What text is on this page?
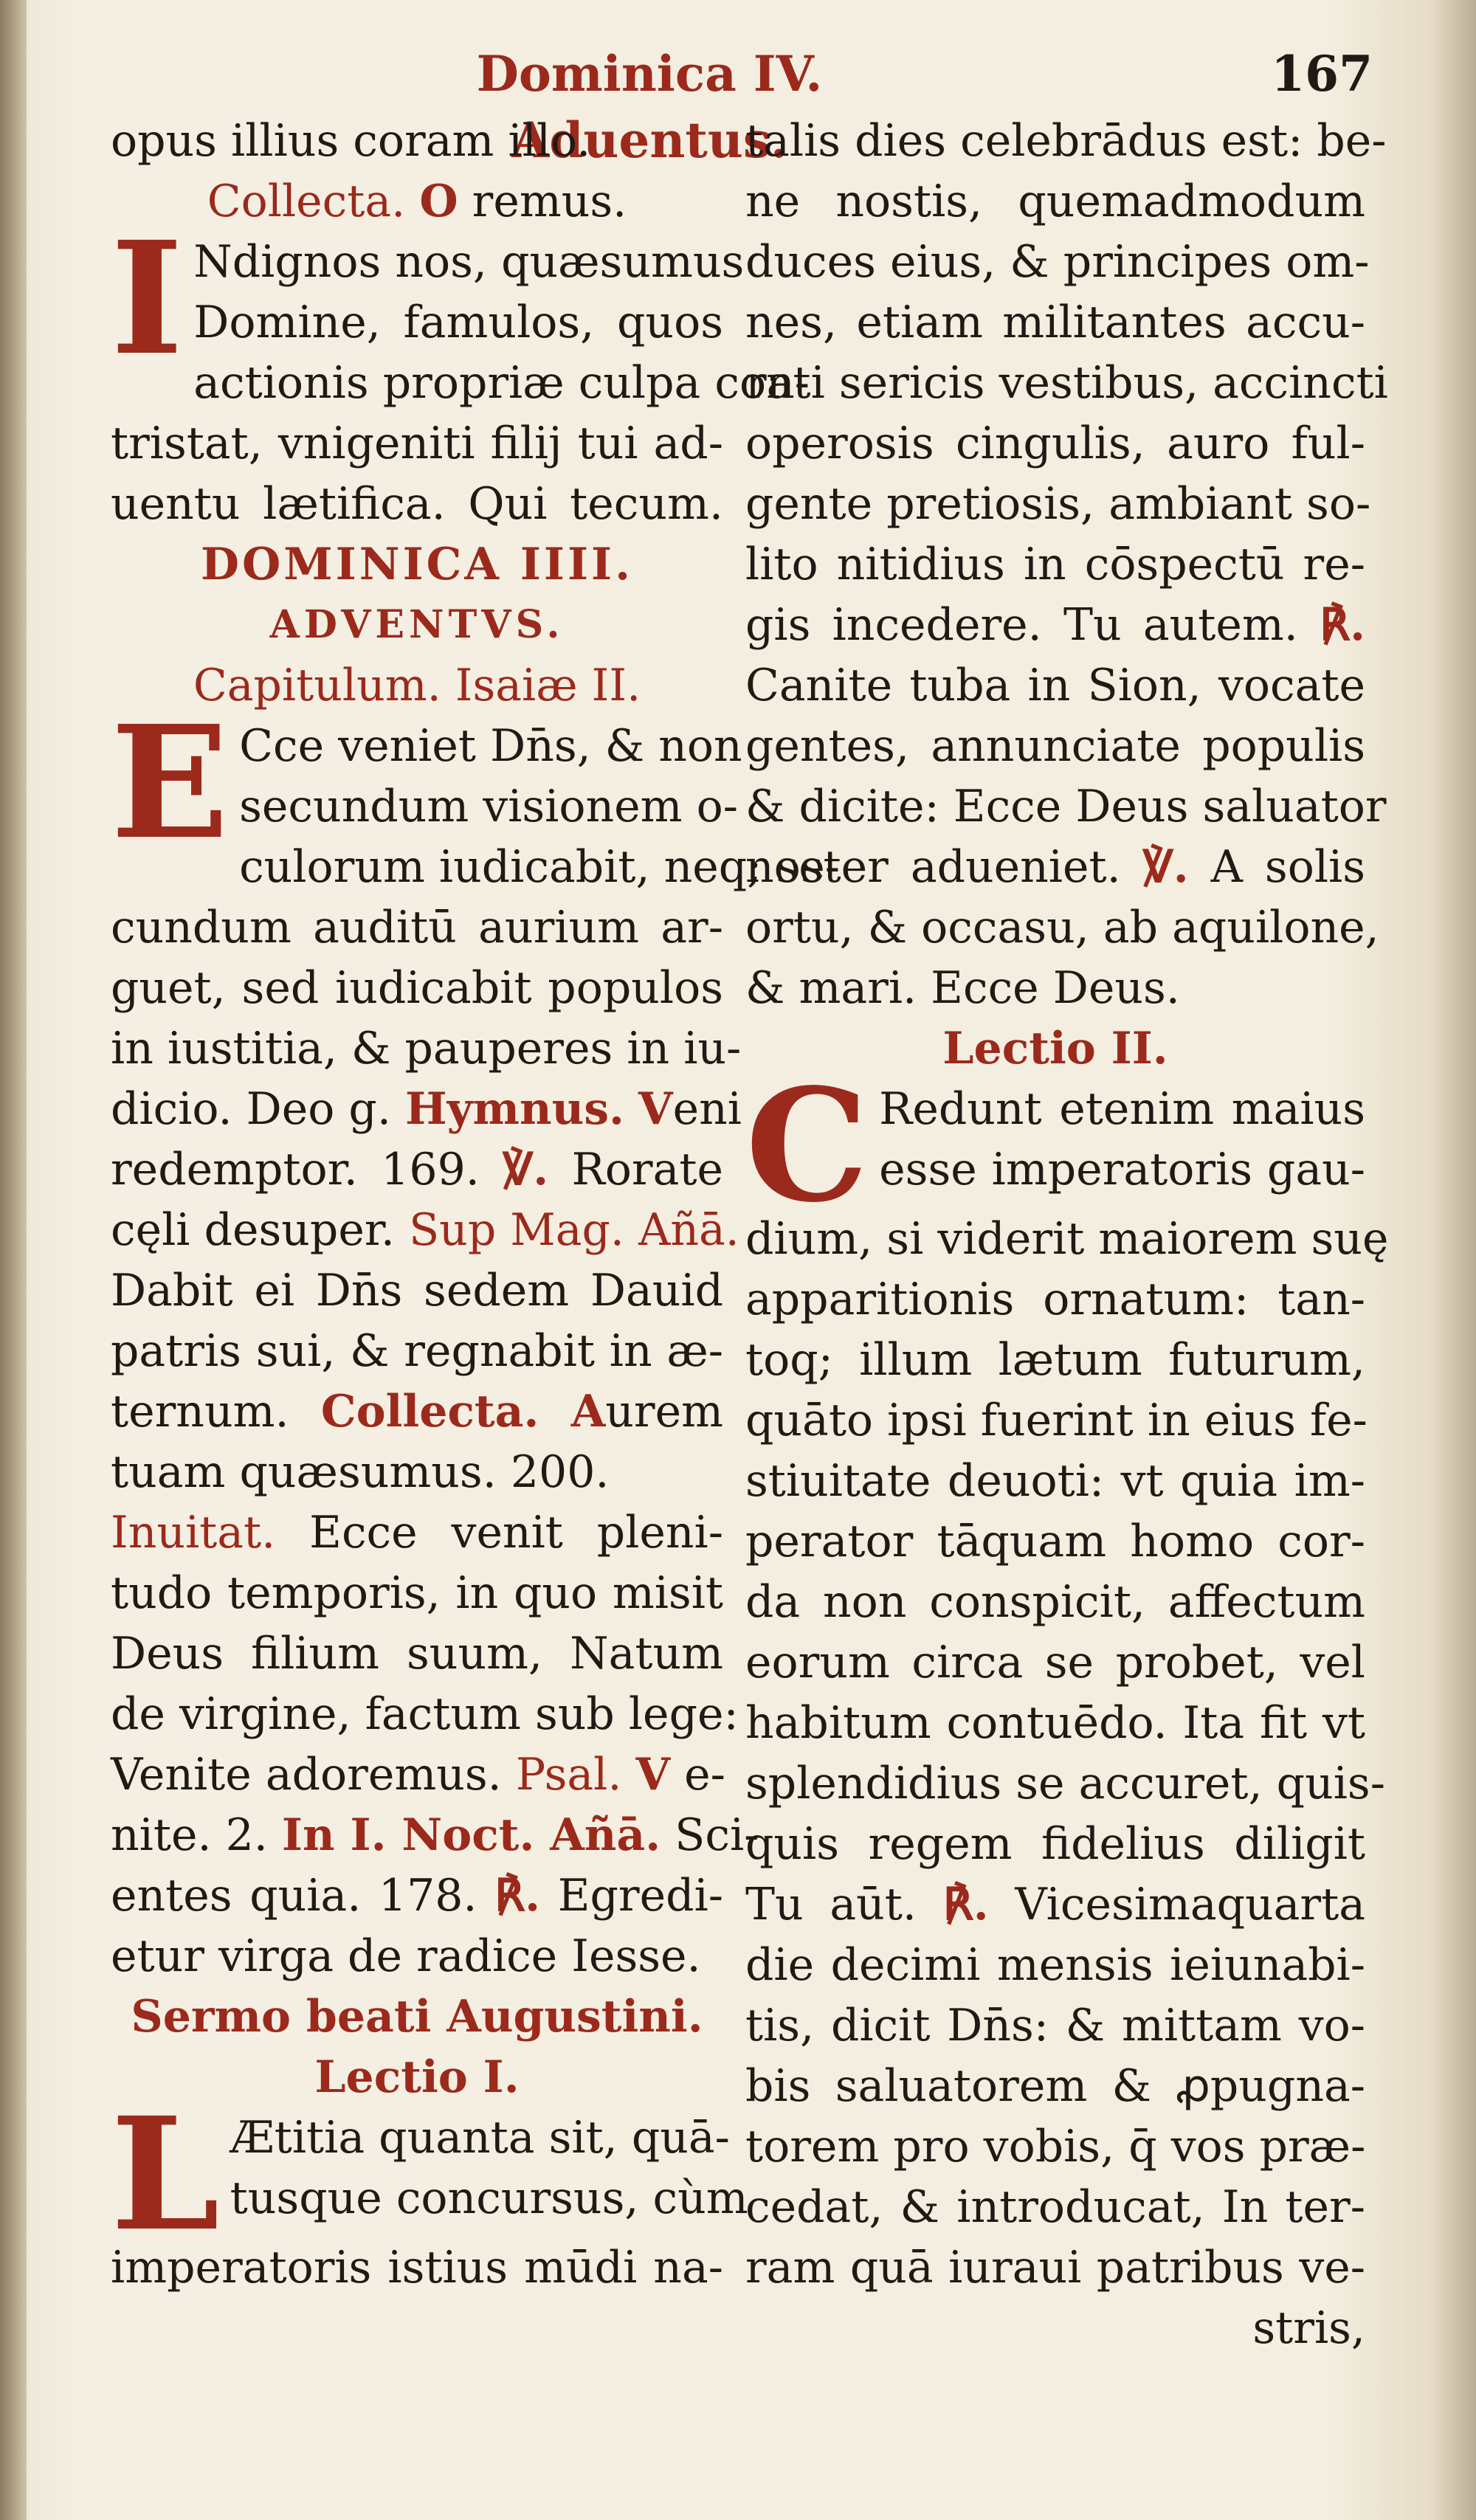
Dominica IV. Aduentus.
167
opus illius coram illo.
Collecta. O remus.
I Ndignos nos, quæsumus
Domine, famulos, quos
actionis propriæ culpa con-
tristat, vnigeniti filij tui ad-
uentu lætifica. Qui tecum.
DOMINICA IIII.
ADVENTVS.
Capitulum. Isaiæ II.
E Cce veniet Dn̄s, & non
secundum visionem o-
culorum iudicabit, neq; se-
cundum auditū aurium ar-
guet, sed iudicabit populos
in iustitia, & pauperes in iu-
dicio. Deo g. Hymnus. Veni
redemptor. 169. ℣. Rorate
cęli desuper. Sup Mag. Añā.
Dabit ei Dn̄s sedem Dauid
patris sui, & regnabit in æ-
ternum. Collecta. Aurem
tuam quæsumus. 200.
Inuitat. Ecce venit pleni-
tudo temporis, in quo misit
Deus filium suum, Natum
de virgine, factum sub lege:
Venite adoremus. Psal. V e-
nite. 2. In I. Noct. Añā. Sci-
entes quia. 178. ℟. Egredi-
etur virga de radice Iesse.
Sermo beati Augustini.
Lectio I.
L Ætitia quanta sit, quā-
tusque concursus, cùm
imperatoris istius mūdi na-
talis dies celebrādus est: be-
ne nostis, quemadmodum
duces eius, & principes om-
nes, etiam militantes accu-
rati sericis vestibus, accincti
operosis cingulis, auro ful-
gente pretiosis, ambiant so-
lito nitidius in cōspectū re-
gis incedere. Tu autem. ℟.
Canite tuba in Sion, vocate
gentes, annunciate populis
& dicite: Ecce Deus saluator
noster adueniet. ℣. A solis
ortu, & occasu, ab aquilone,
& mari. Ecce Deus.
Lectio II.
C Redunt etenim maius
esse imperatoris gau-
dium, si viderit maiorem suę
apparitionis ornatum: tan-
toq; illum lætum futurum,
quāto ipsi fuerint in eius fe-
stiuitate deuoti: vt quia im-
perator tāquam homo cor-
da non conspicit, affectum
eorum circa se probet, vel
habitum contuēdo. Ita fit vt
splendidius se accuret, quis-
quis regem fidelius diligit
Tu aūt. ℟. Vicesimaquarta
die decimi mensis ieiunabi-
tis, dicit Dn̄s: & mittam vo-
bis saluatorem & ꝓpugna-
torem pro vobis, q̄ vos præ-
cedat, & introducat, In ter-
ram quā iuraui patribus ve-
stris,
